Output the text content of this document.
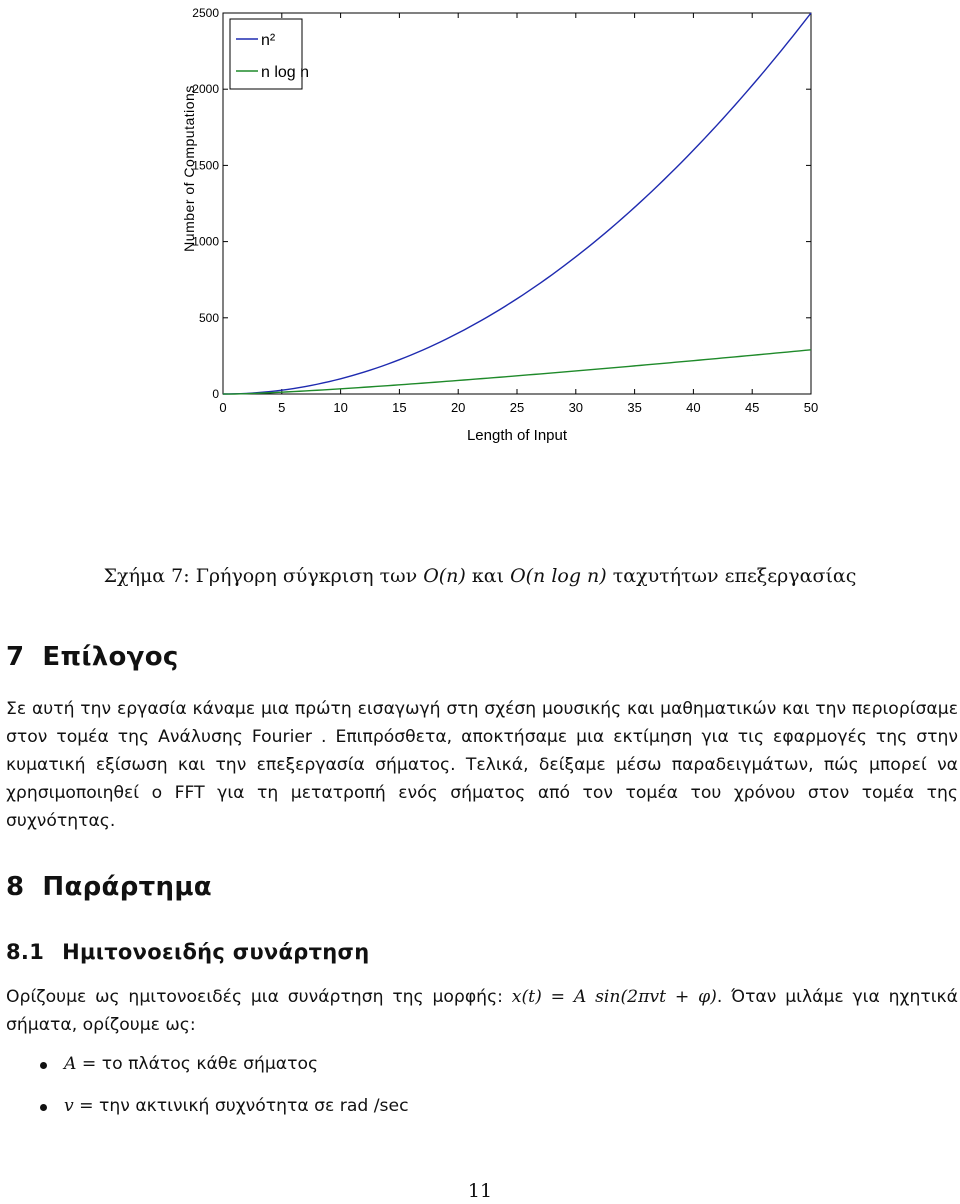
0	5	10	15	20	25	30	35	40	45	50
0
500
1000
1500
2000
2500
Length of Input
Number of Computations
n²
n log n
Σχήμα 7: Γρήγορη σύγκριση των O(n) και O(n log n) ταχυτήτων επεξεργασίας
7 Επίλογος

Σε αυτή την εργασία κάναμε μια πρώτη εισαγωγή στη σχέση μουσικής και μαθηματικών και την περιορίσαμε στον τομέα της Ανάλυσης Fourier . Επιπρόσθετα, αποκτήσαμε μια εκτίμηση για τις εφαρμογές της στην κυματική εξίσωση και την επεξεργασία σήματος. Τελικά, δείξαμε μέσω παραδειγμάτων, πώς μπορεί να χρησιμοποιηθεί ο FFT για τη μετατροπή ενός σήματος από τον τομέα του χρόνου στον τομέα της συχνότητας.

8 Παράρτημα
8.1 Ημιτονοειδής συνάρτηση

Ορίζουμε ως ημιτονοειδές μια συνάρτηση της μορφής: x(t) = A sin(2πvt + φ). Όταν μιλάμε για ηχητικά σήματα, ορίζουμε ως:

A = το πλάτος κάθε σήματος
v = την ακτινική συχνότητα σε rad /sec
11
